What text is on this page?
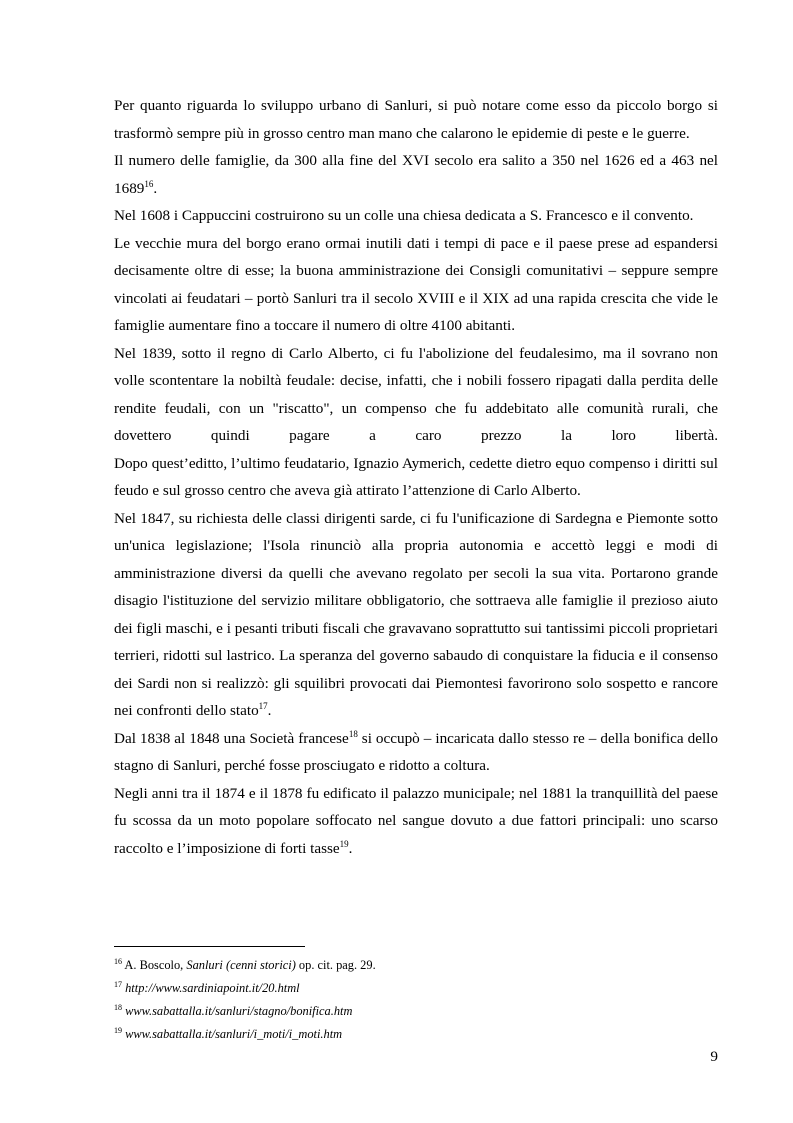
Per quanto riguarda lo sviluppo urbano di Sanluri, si può notare come esso da piccolo borgo si trasformò sempre più in grosso centro man mano che calarono le epidemie di peste e le guerre.

Il numero delle famiglie, da 300 alla fine del XVI secolo era salito a 350 nel 1626 ed a 463 nel 1689$^{16}$.

Nel 1608 i Cappuccini costruirono su un colle una chiesa dedicata a S. Francesco e il convento.

Le vecchie mura del borgo erano ormai inutili dati i tempi di pace e il paese prese ad espandersi decisamente oltre di esse; la buona amministrazione dei Consigli comunitativi – seppure sempre vincolati ai feudatari – portò Sanluri tra il secolo XVIII e il XIX ad una rapida crescita che vide le famiglie aumentare fino a toccare il numero di oltre 4100 abitanti.

Nel 1839, sotto il regno di Carlo Alberto, ci fu l'abolizione del feudalesimo, ma il sovrano non volle scontentare la nobiltà feudale: decise, infatti, che i nobili fossero ripagati dalla perdita delle rendite feudali, con un "riscatto", un compenso che fu addebitato alle comunità rurali, che dovettero quindi pagare a caro prezzo la loro libertà.

Dopo quest’editto, l’ultimo feudatario, Ignazio Aymerich, cedette dietro equo compenso i diritti sul feudo e sul grosso centro che aveva già attirato l’attenzione di Carlo Alberto.

Nel 1847, su richiesta delle classi dirigenti sarde, ci fu l'unificazione di Sardegna e Piemonte sotto un'unica legislazione; l'Isola rinunciò alla propria autonomia e accettò leggi e modi di amministrazione diversi da quelli che avevano regolato per secoli la sua vita. Portarono grande disagio l'istituzione del servizio militare obbligatorio, che sottraeva alle famiglie il prezioso aiuto dei figli maschi, e i pesanti tributi fiscali che gravavano soprattutto sui tantissimi piccoli proprietari terrieri, ridotti sul lastrico. La speranza del governo sabaudo di conquistare la fiducia e il consenso dei Sardi non si realizzò: gli squilibri provocati dai Piemontesi favorirono solo sospetto e rancore nei confronti dello stato$^{17}$.

Dal 1838 al 1848 una Società francese$^{18}$ si occupò – incaricata dallo stesso re – della bonifica dello stagno di Sanluri, perché fosse prosciugato e ridotto a coltura.

Negli anni tra il 1874 e il 1878 fu edificato il palazzo municipale; nel 1881 la tranquillità del paese fu scossa da un moto popolare soffocato nel sangue dovuto a due fattori principali: uno scarso raccolto e l’imposizione di forti tasse$^{19}$.

$^{16}$ A. Boscolo, Sanluri (cenni storici) op. cit. pag. 29.

$^{17}$ http://www.sardiniapoint.it/20.html

$^{18}$ www.sabattalla.it/sanluri/stagno/bonifica.htm

$^{19}$ www.sabattalla.it/sanluri/i_moti/i_moti.htm

9
